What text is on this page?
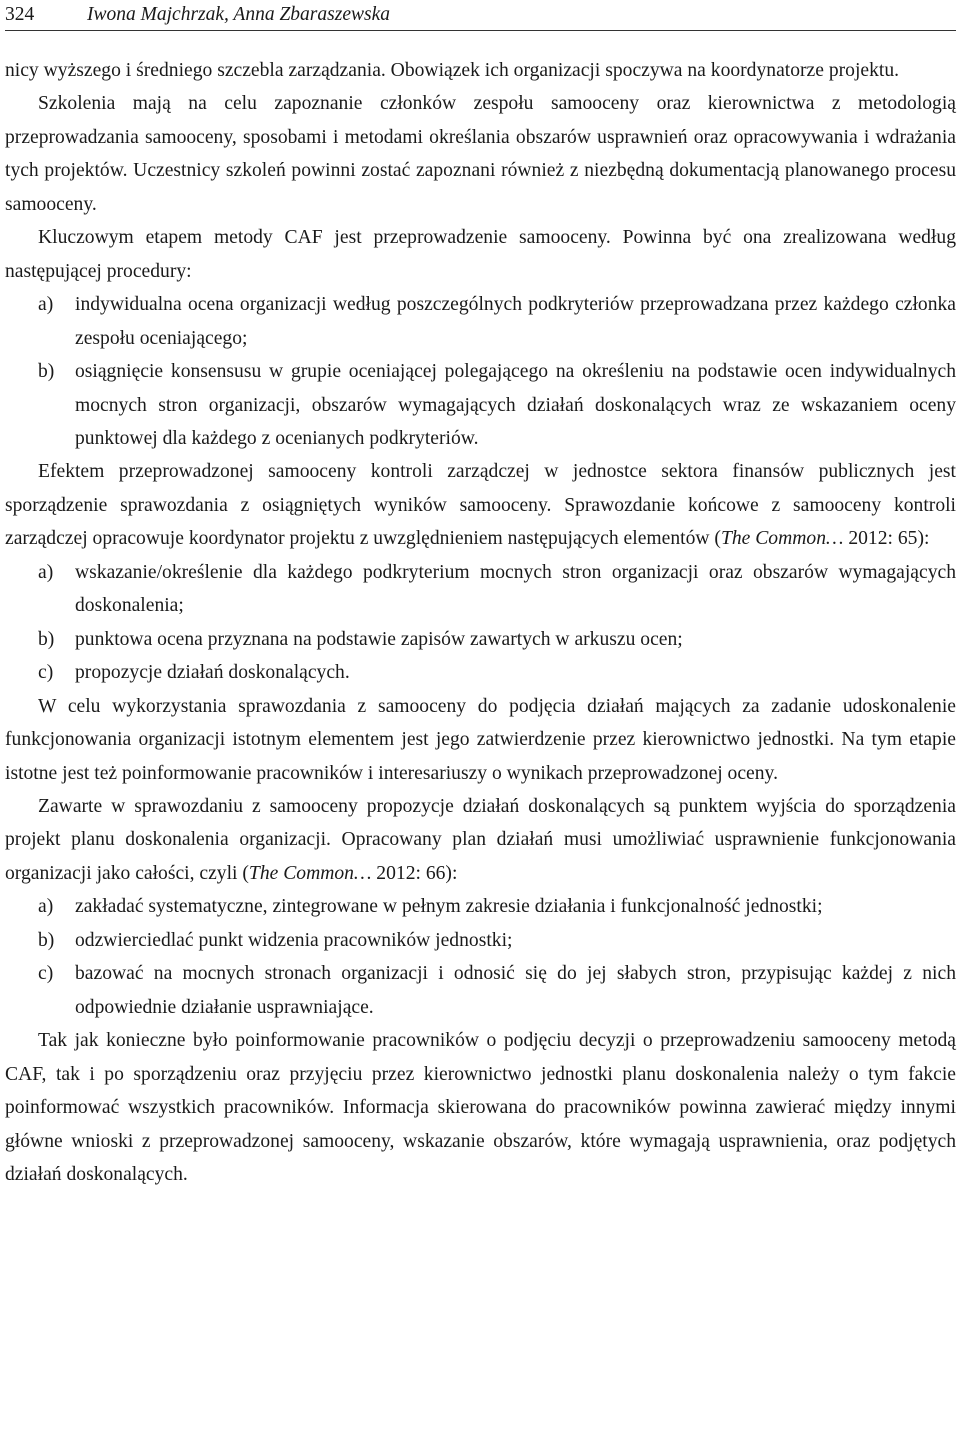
324	Iwona Majchrzak, Anna Zbaraszewska

nicy wyższego i średniego szczebla zarządzania. Obowiązek ich organizacji spoczywa na koordynatorze projektu.

Szkolenia mają na celu zapoznanie członków zespołu samooceny oraz kierownictwa z metodologią przeprowadzania samooceny, sposobami i metodami określania obszarów usprawnień oraz opracowywania i wdrażania tych projektów. Uczestnicy szkoleń powinni zostać zapoznani również z niezbędną dokumentacją planowanego procesu samooceny.

Kluczowym etapem metody CAF jest przeprowadzenie samooceny. Powinna być ona zrealizowana według następującej procedury:

a) indywidualna ocena organizacji według poszczególnych podkryteriów przeprowadzana przez każdego członka zespołu oceniającego;
b) osiągnięcie konsensusu w grupie oceniającej polegającego na określeniu na podstawie ocen indywidualnych mocnych stron organizacji, obszarów wymagających działań doskonalących wraz ze wskazaniem oceny punktowej dla każdego z ocenianych podkryteriów.

Efektem przeprowadzonej samooceny kontroli zarządczej w jednostce sektora finansów publicznych jest sporządzenie sprawozdania z osiągniętych wyników samooceny. Sprawozdanie końcowe z samooceny kontroli zarządczej opracowuje koordynator projektu z uwzględnieniem następujących elementów (The Common… 2012: 65):

a) wskazanie/określenie dla każdego podkryterium mocnych stron organizacji oraz obszarów wymagających doskonalenia;
b) punktowa ocena przyznana na podstawie zapisów zawartych w arkuszu ocen;
c) propozycje działań doskonalących.

W celu wykorzystania sprawozdania z samooceny do podjęcia działań mających za zadanie udoskonalenie funkcjonowania organizacji istotnym elementem jest jego zatwierdzenie przez kierownictwo jednostki. Na tym etapie istotne jest też poinformowanie pracowników i interesariuszy o wynikach przeprowadzonej oceny.

Zawarte w sprawozdaniu z samooceny propozycje działań doskonalących są punktem wyjścia do sporządzenia projekt planu doskonalenia organizacji. Opracowany plan działań musi umożliwiać usprawnienie funkcjonowania organizacji jako całości, czyli (The Common… 2012: 66):

a) zakładać systematyczne, zintegrowane w pełnym zakresie działania i funkcjonalność jednostki;
b) odzwierciedlać punkt widzenia pracowników jednostki;
c) bazować na mocnych stronach organizacji i odnosić się do jej słabych stron, przypisując każdej z nich odpowiednie działanie usprawniające.

Tak jak konieczne było poinformowanie pracowników o podjęciu decyzji o przeprowadzeniu samooceny metodą CAF, tak i po sporządzeniu oraz przyjęciu przez kierownictwo jednostki planu doskonalenia należy o tym fakcie poinformować wszystkich pracowników. Informacja skierowana do pracowników powinna zawierać między innymi główne wnioski z przeprowadzonej samooceny, wskazanie obszarów, które wymagają usprawnienia, oraz podjętych działań doskonalących.
